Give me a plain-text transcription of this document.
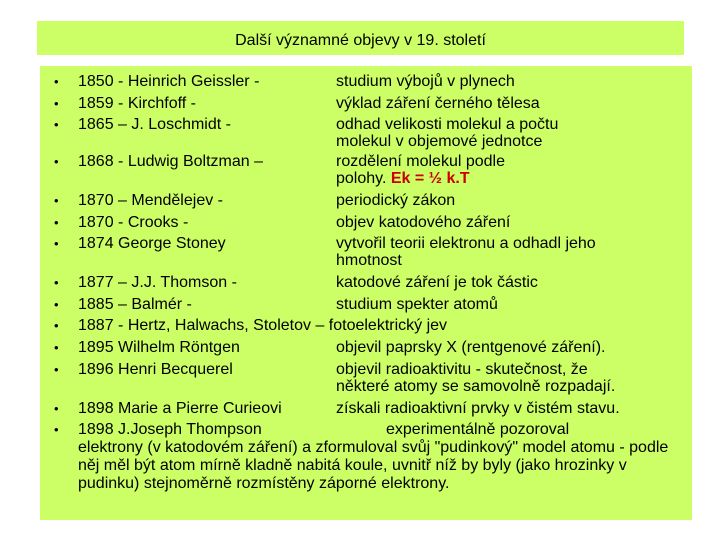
Další významné objevy v 19. století
• 1850 - Heinrich Geissler -	studium výbojů v plynech
• 1859 - Kirchfoff -	výklad záření černého tělesa
• 1865 – J. Loschmidt -	odhad velikosti molekul a počtu
molekul v objemové jednotce
• 1868 - Ludwig Boltzman –	rozdělení molekul podle
polohy. Ek = ½ k.T
• 1870 – Mendělejev -	periodický zákon
• 1870 - Crooks -	objev katodového záření
• 1874 George Stoney	vytvořil teorii elektronu a odhadl jeho
hmotnost
• 1877 – J.J. Thomson -	katodové záření je tok částic
• 1885 – Balmér -	studium spekter atomů
• 1887 - Hertz, Halwachs, Stoletov – fotoelektrický jev
• 1895 Wilhelm Röntgen	objevil paprsky X (rentgenové záření).
• 1896 Henri Becquerel	objevil radioaktivitu - skutečnost, že
některé atomy se samovolně rozpadají.
• 1898 Marie a Pierre Curieovi	získali radioaktivní prvky v čistém stavu.
• 1898 J.Joseph Thompson	experimentálně pozoroval
elektrony (v katodovém záření) a zformuloval svůj "pudinkový" model atomu - podle něj měl být atom mírně kladně nabitá koule, uvnitř níž by byly (jako hrozinky v pudinku) stejnoměrně rozmístěny záporné elektrony.
